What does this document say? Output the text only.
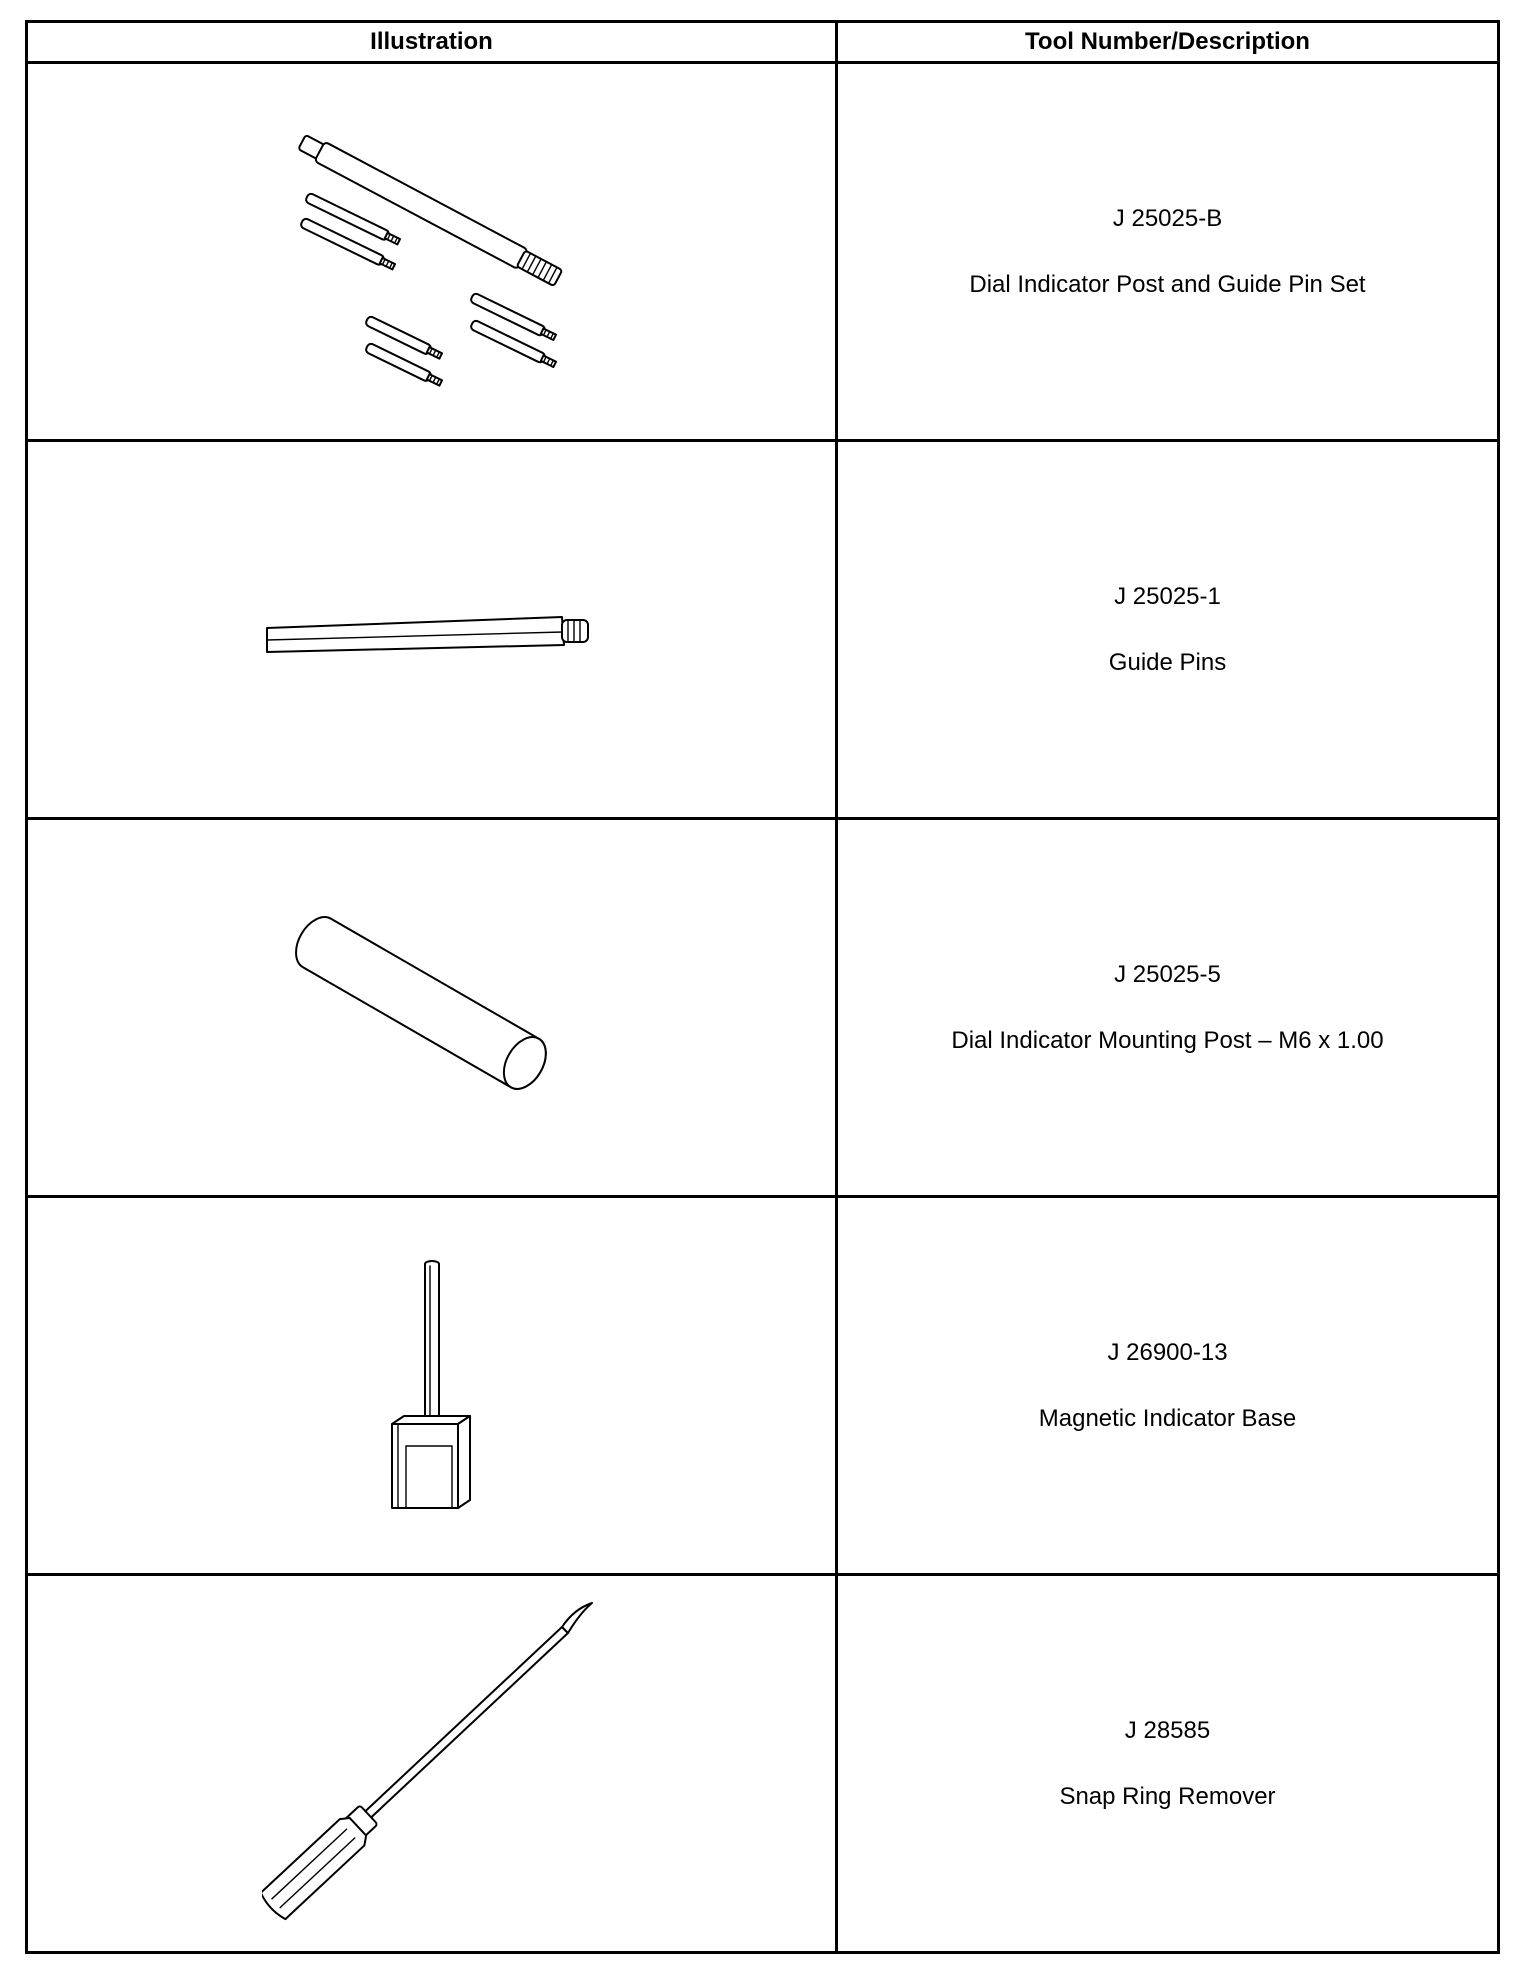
Illustration	Tool Number/Description

J 25025-B
Dial Indicator Post and Guide Pin Set

J 25025-1
Guide Pins

J 25025-5
Dial Indicator Mounting Post – M6 x 1.00

J 26900-13
Magnetic Indicator Base

J 28585
Snap Ring Remover
